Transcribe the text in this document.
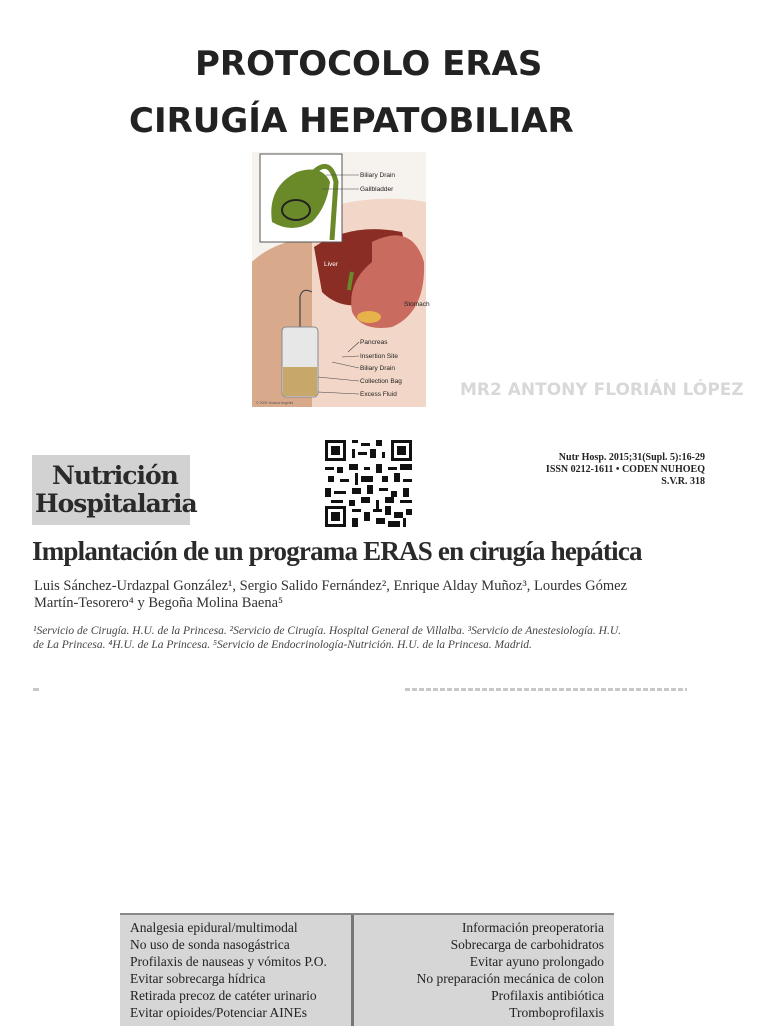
PROTOCOLO ERAS
CIRUGÍA HEPATOBILIAR
Biliary Drain
Gallbladder
Liver
Stomach
Pancreas
Insertion Site
Biliary Drain
Collection Bag
Excess Fluid
© 2009 Jessica Angelini
MR2 ANTONY FLORIÁN LÓPEZ
Nutrición
Hospitalaria
Nutr Hosp. 2015;31(Supl. 5):16-29
ISSN 0212-1611 • CODEN NUHOEQ
S.V.R. 318
Implantación de un programa ERAS en cirugía hepática
Luis Sánchez-Urdazpal González¹, Sergio Salido Fernández², Enrique Alday Muñoz³, Lourdes Gómez
Martín-Tesorero⁴ y Begoña Molina Baena⁵
¹Servicio de Cirugía. H.U. de la Princesa. ²Servicio de Cirugía. Hospital General de Villalba. ³Servicio de Anestesiología. H.U.
de La Princesa. ⁴H.U. de La Princesa. ⁵Servicio de Endocrinología-Nutrición. H.U. de la Princesa. Madrid.
Analgesia epidural/multimodal
No uso de sonda nasogástrica
Profilaxis de nauseas y vómitos P.O.
Evitar sobrecarga hídrica
Retirada precoz de catéter urinario
Evitar opioides/Potenciar AINEs
Información preoperatoria
Sobrecarga de carbohidratos
Evitar ayuno prolongado
No preparación mecánica de colon
Profilaxis antibiótica
Tromboprofilaxis
